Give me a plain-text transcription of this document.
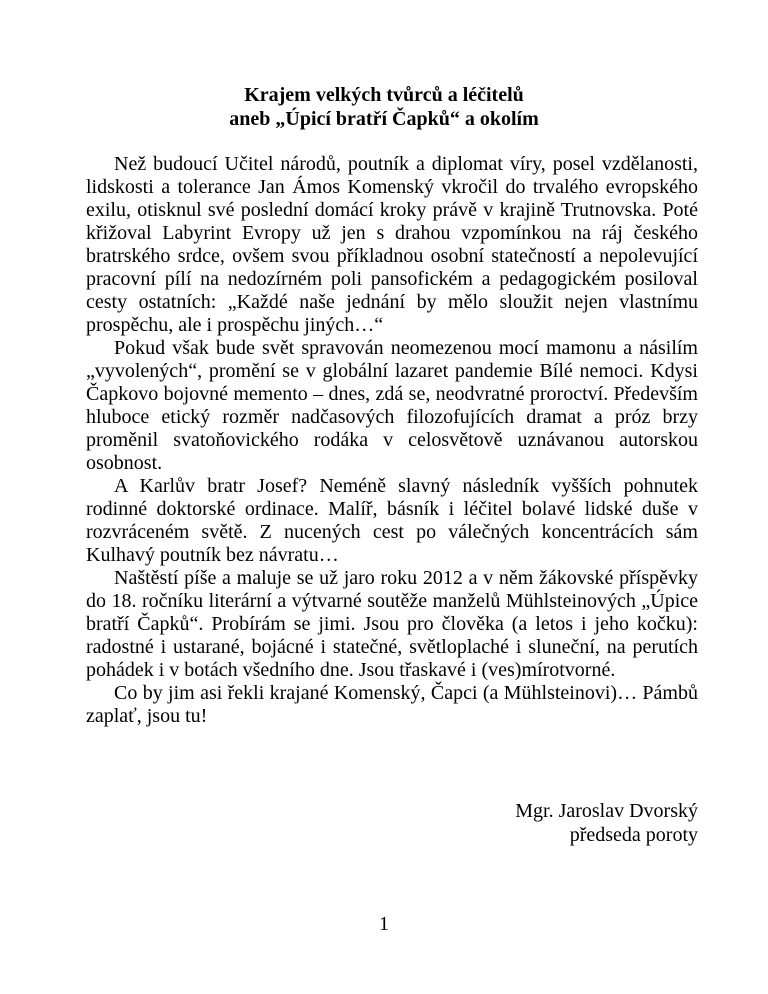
Krajem velkých tvůrců a léčitelů
aneb „Úpicí bratří Čapků“ a okolím

Než budoucí Učitel národů, poutník a diplomat víry, posel vzdělanosti, lidskosti a tolerance Jan Ámos Komenský vkročil do trvalého evropského exilu, otisknul své poslední domácí kroky právě v krajině Trutnovska. Poté křižoval Labyrint Evropy už jen s drahou vzpomínkou na ráj českého bratrského srdce, ovšem svou příkladnou osobní statečností a nepolevující pracovní pílí na nedozírném poli pansofickém a pedagogickém posiloval cesty ostatních: „Každé naše jednání by mělo sloužit nejen vlastnímu prospěchu, ale i prospěchu jiných…“

Pokud však bude svět spravován neomezenou mocí mamonu a násilím „vyvolených“, promění se v globální lazaret pandemie Bílé nemoci. Kdysi Čapkovo bojovné memento – dnes, zdá se, neodvratné proroctví. Především hluboce etický rozměr nadčasových filozofujících dramat a próz brzy proměnil svatoňovického rodáka v celosvětově uznávanou autorskou osobnost.

A Karlův bratr Josef? Neméně slavný následník vyšších pohnutek rodinné doktorské ordinace. Malíř, básník i léčitel bolavé lidské duše v rozvráceném světě. Z nucených cest po válečných koncentrácích sám Kulhavý poutník bez návratu…

Naštěstí píše a maluje se už jaro roku 2012 a v něm žákovské příspěvky do 18. ročníku literární a výtvarné soutěže manželů Mühlsteinových „Úpice bratří Čapků“. Probírám se jimi. Jsou pro člověka (a letos i jeho kočku): radostné i ustarané, bojácné i statečné, světloplaché i sluneční, na perutích pohádek i v botách všedního dne. Jsou třaskavé i (ves)mírotvorné.

Co by jim asi řekli krajané Komenský, Čapci (a Mühlsteinovi)… Pámbů zaplať, jsou tu!

Mgr. Jaroslav Dvorský
předseda poroty
1
